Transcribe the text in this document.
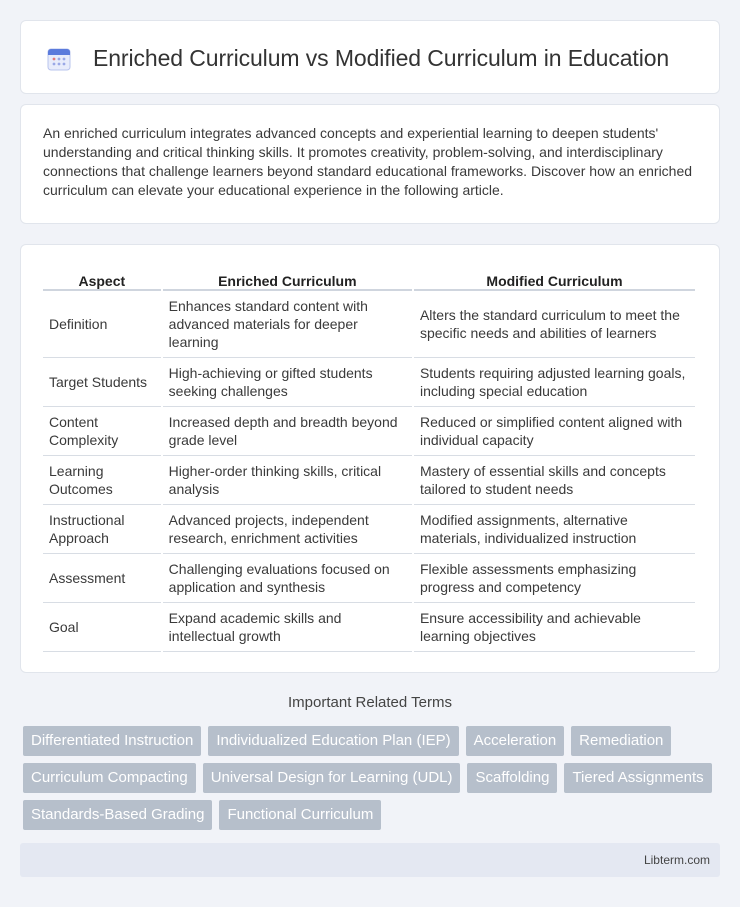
Enriched Curriculum vs Modified Curriculum in Education

An enriched curriculum integrates advanced concepts and experiential learning to deepen students' understanding and critical thinking skills. It promotes creativity, problem-solving, and interdisciplinary connections that challenge learners beyond standard educational frameworks. Discover how an enriched curriculum can elevate your educational experience in the following article.

Aspect	Enriched Curriculum	Modified Curriculum
Definition	Enhances standard content with advanced materials for deeper learning	Alters the standard curriculum to meet the specific needs and abilities of learners
Target Students	High-achieving or gifted students seeking challenges	Students requiring adjusted learning goals, including special education
Content Complexity	Increased depth and breadth beyond grade level	Reduced or simplified content aligned with individual capacity
Learning Outcomes	Higher-order thinking skills, critical analysis	Mastery of essential skills and concepts tailored to student needs
Instructional Approach	Advanced projects, independent research, enrichment activities	Modified assignments, alternative materials, individualized instruction
Assessment	Challenging evaluations focused on application and synthesis	Flexible assessments emphasizing progress and competency
Goal	Expand academic skills and intellectual growth	Ensure accessibility and achievable learning objectives
Important Related Terms
Differentiated Instruction	Individualized Education Plan (IEP)	Acceleration	Remediation
Curriculum Compacting	Universal Design for Learning (UDL)	Scaffolding	Tiered Assignments
Standards-Based Grading	Functional Curriculum
Libterm.com
